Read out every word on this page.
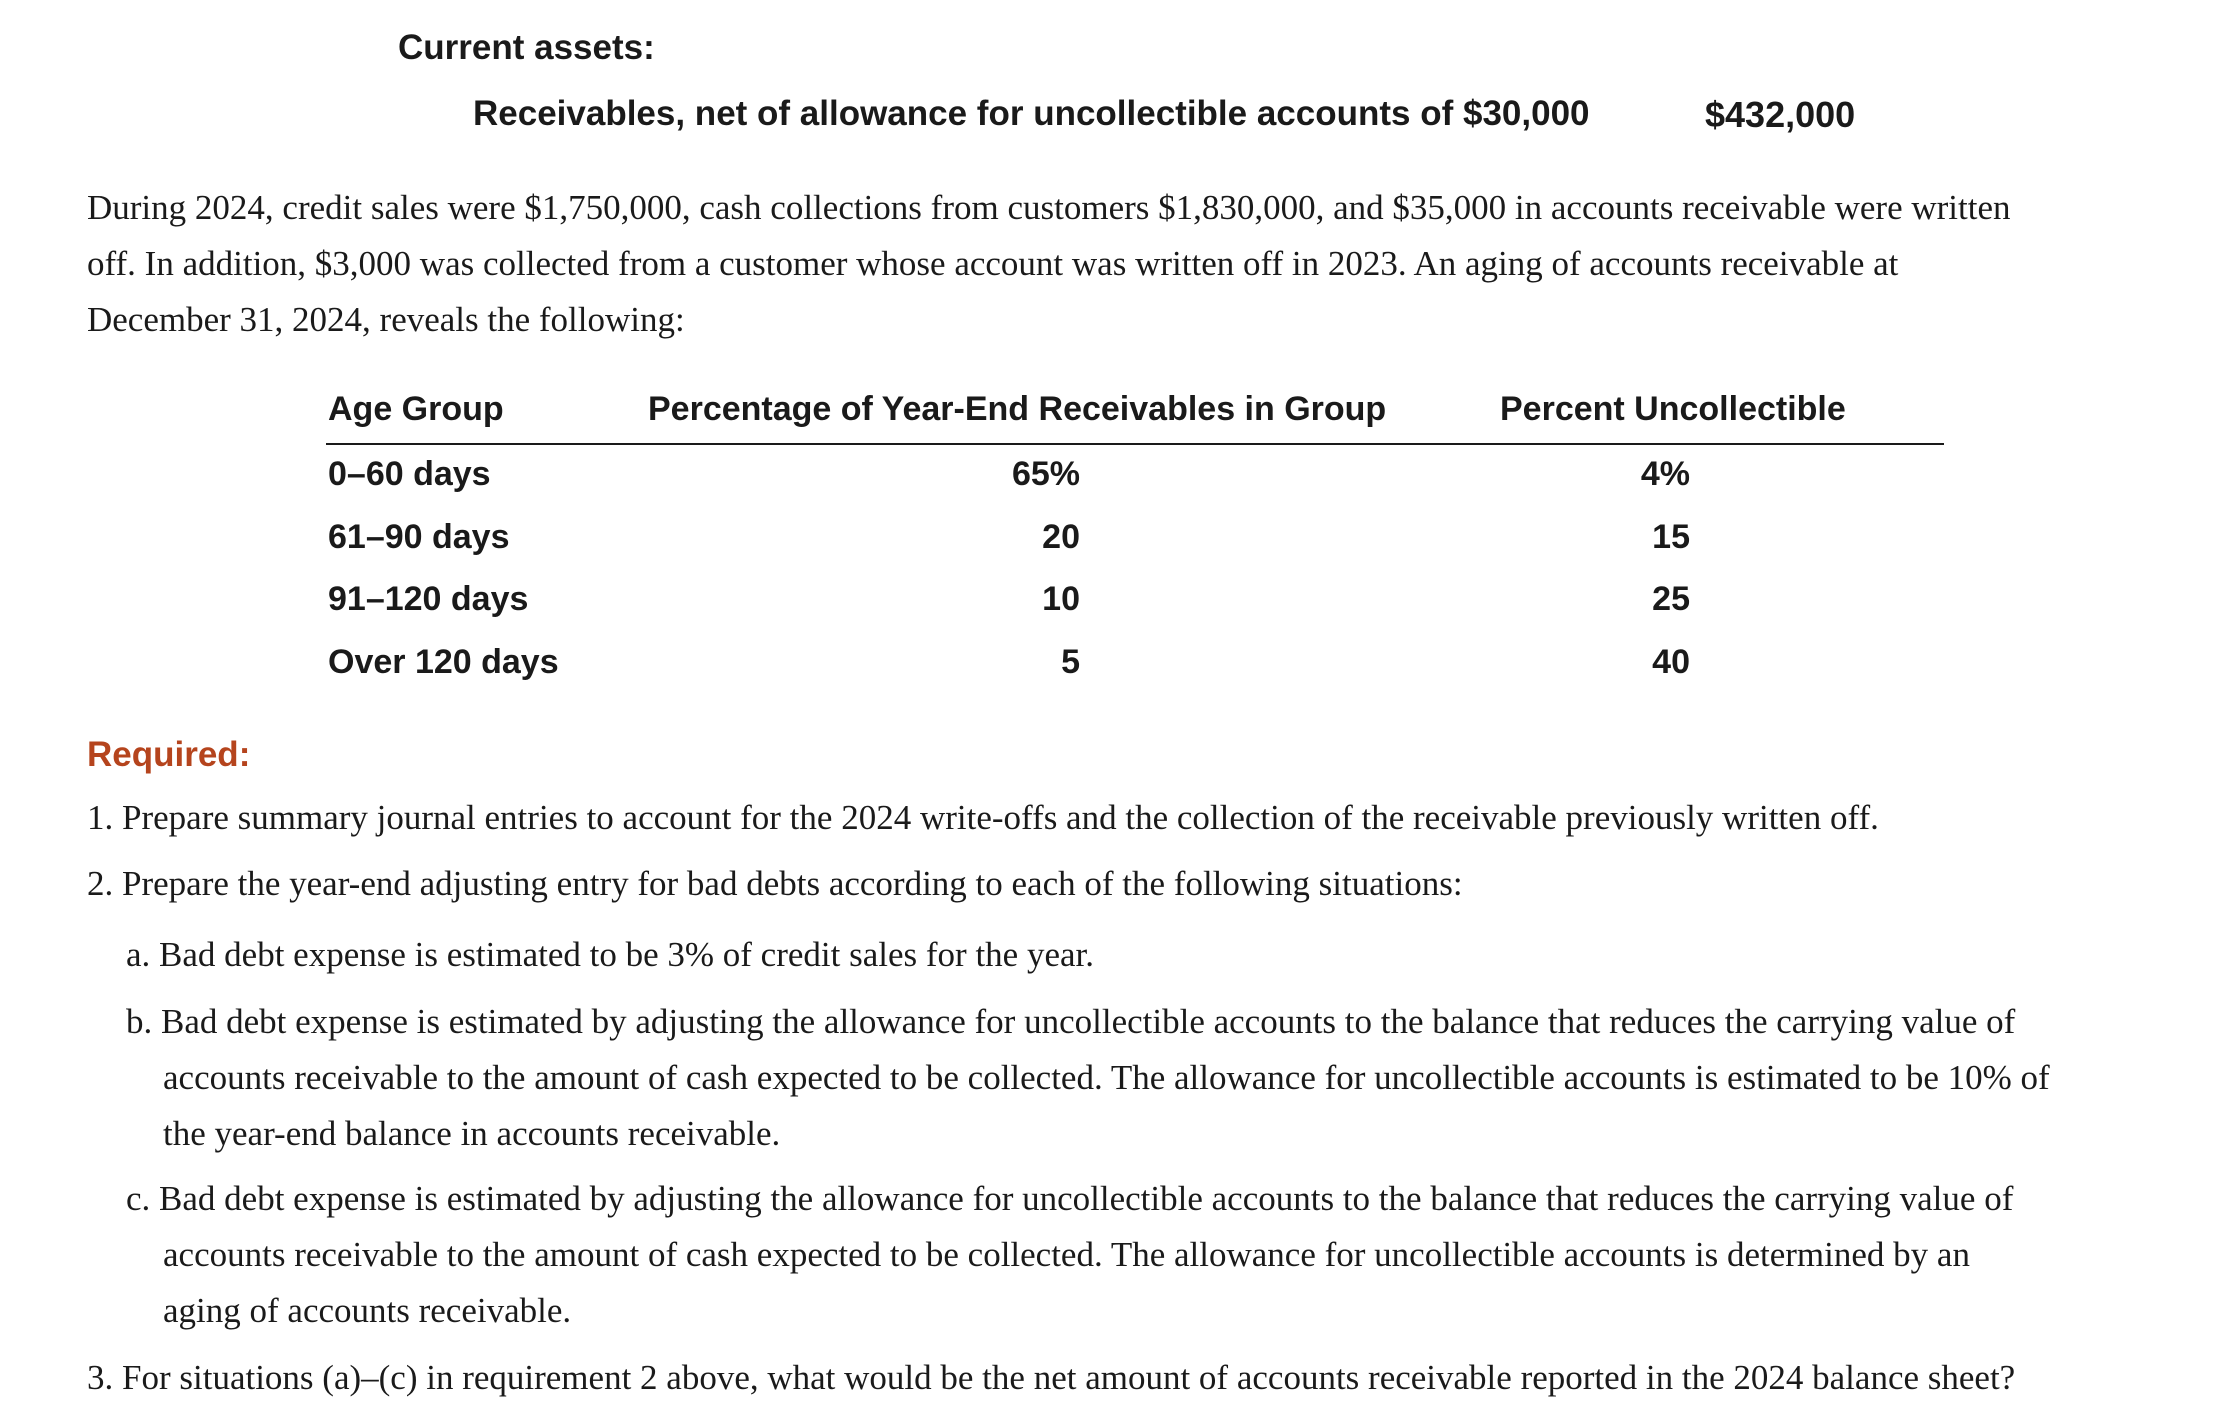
Current assets:
Receivables, net of allowance for uncollectible accounts of $30,000	$432,000
During 2024, credit sales were $1,750,000, cash collections from customers $1,830,000, and $35,000 in accounts receivable were written
off. In addition, $3,000 was collected from a customer whose account was written off in 2023. An aging of accounts receivable at
December 31, 2024, reveals the following:
Age Group	Percentage of Year-End Receivables in Group	Percent Uncollectible
0–60 days	65%	4%
61–90 days	20	15
91–120 days	10	25
Over 120 days	5	40
Required:
1. Prepare summary journal entries to account for the 2024 write-offs and the collection of the receivable previously written off.
2. Prepare the year-end adjusting entry for bad debts according to each of the following situations:
a. Bad debt expense is estimated to be 3% of credit sales for the year.
b. Bad debt expense is estimated by adjusting the allowance for uncollectible accounts to the balance that reduces the carrying value of
accounts receivable to the amount of cash expected to be collected. The allowance for uncollectible accounts is estimated to be 10% of
the year-end balance in accounts receivable.
c. Bad debt expense is estimated by adjusting the allowance for uncollectible accounts to the balance that reduces the carrying value of
accounts receivable to the amount of cash expected to be collected. The allowance for uncollectible accounts is determined by an
aging of accounts receivable.
3. For situations (a)–(c) in requirement 2 above, what would be the net amount of accounts receivable reported in the 2024 balance sheet?
